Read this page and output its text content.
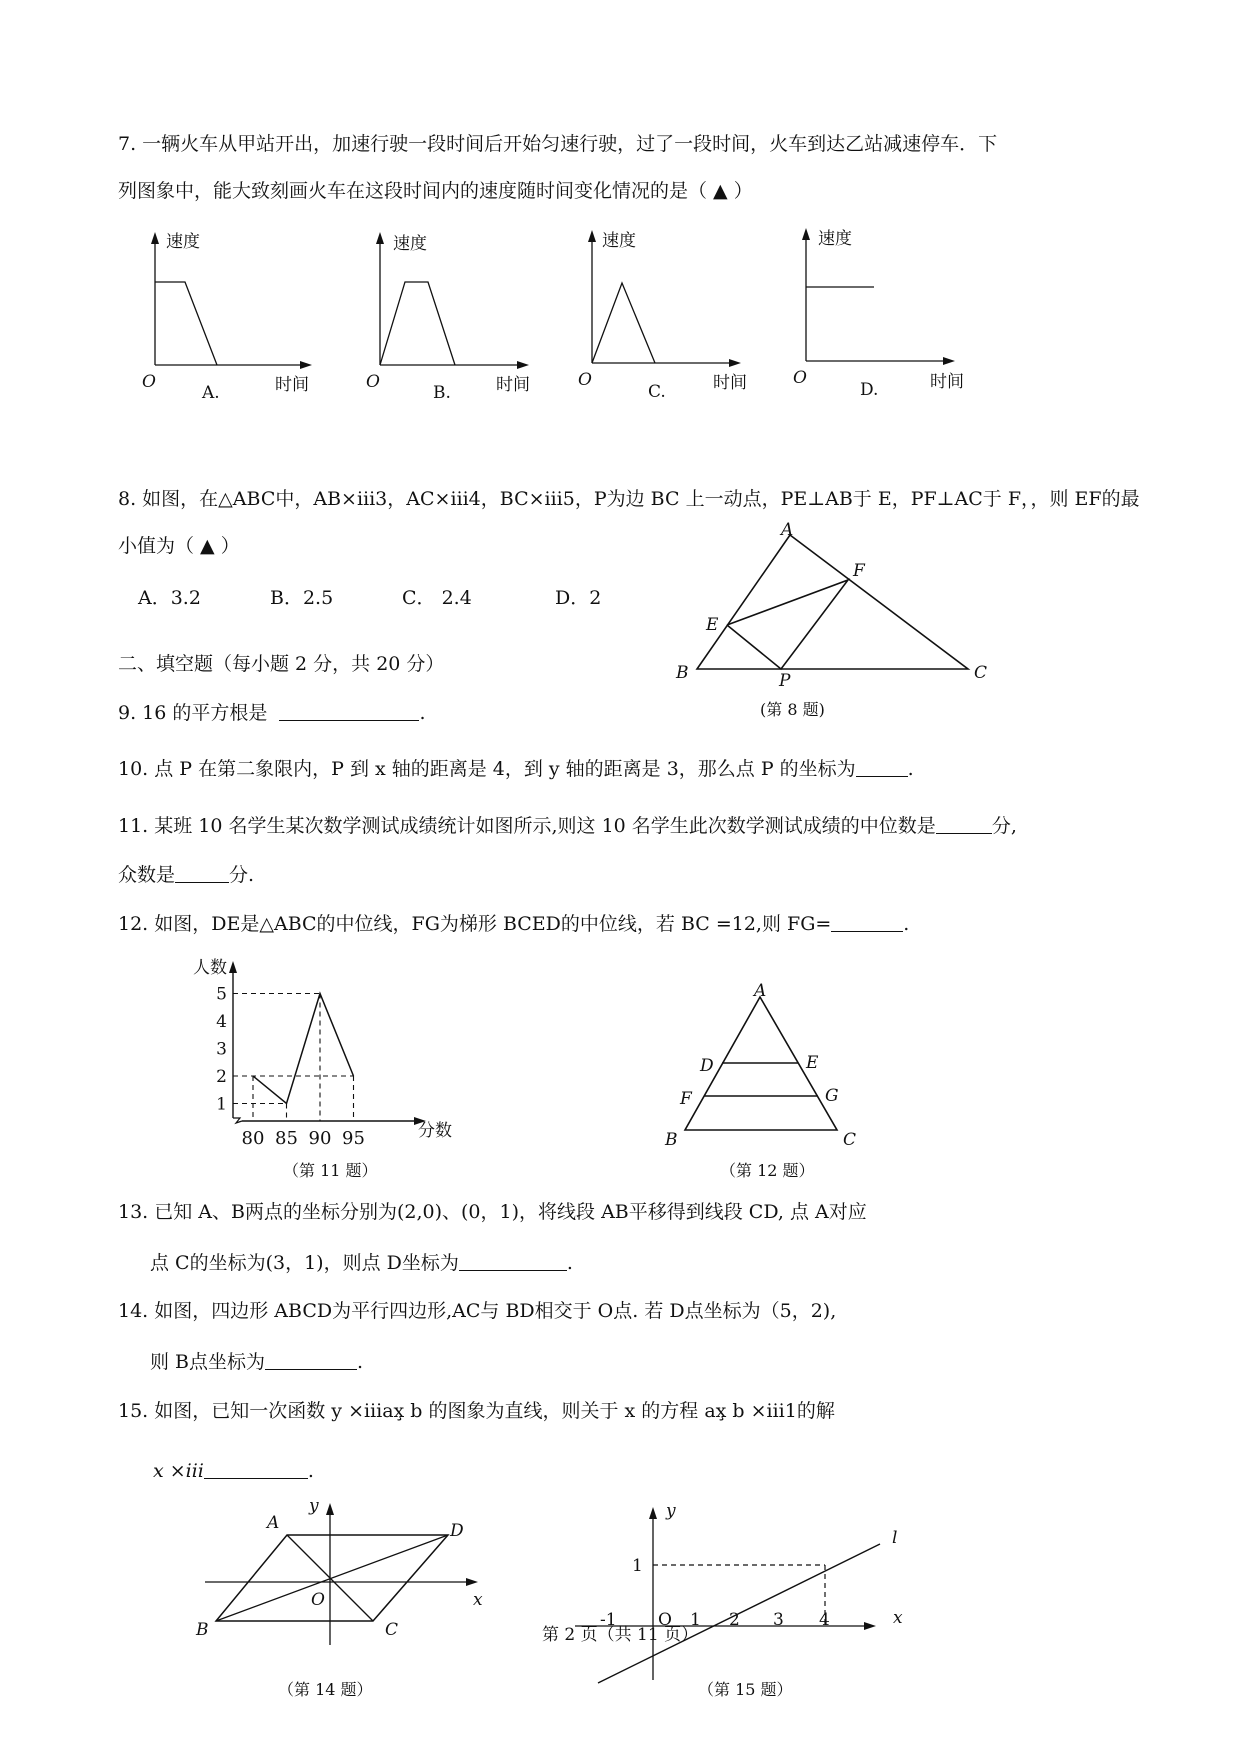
7. 一辆火车从甲站开出，加速行驶一段时间后开始匀速行驶，过了一段时间，火车到达乙站减速停车．下
列图象中，能大致刻画火车在这段时间内的速度随时间变化情况的是（ ▲ ）
速度
O
A.	时间
速度
O
B.	时间
速度
O
C.	时间
速度
O
D.	时间
8. 如图，在△ABC中，AB×ⅲ3，AC×ⅲ4，BC×ⅲ5，P为边 BC 上一动点，PE⊥AB于 E，PF⊥AC于 F，，则 EF的最
小值为（ ▲ ）
A．3.2	B．2.5	C． 2.4	D．2
A
F
E
B	P	C
(第 8 题)
二、填空题（每小题 2 分，共 20 分）
9. 16 的平方根是	.
10. 点 P 在第二象限内，P 到 x 轴的距离是 4，到 y 轴的距离是 3，那么点 P 的坐标为	.
11. 某班 10 名学生某次数学测试成绩统计如图所示,则这 10 名学生此次数学测试成绩的中位数是	分,
众数是	分.
12. 如图，DE是△ABC的中位线，FG为梯形 BCED的中位线，若 BC =12,则 FG=	.
1
2
3
4
5
80 85 90 95
人数
分数
（第 11 题）
A
D	E
F	G
B	C
（第 12 题）
13. 已知 A、B两点的坐标分别为(2,0)、(0，1)，将线段 AB平移得到线段 CD, 点 A对应
点 C的坐标为(3，1)，则点 D坐标为	.
14. 如图，四边形 ABCD为平行四边形,AC与 BD相交于 O点. 若 D点坐标为（5，2),
则 B点坐标为	.
15. 如图，已知一次函数 y ×ⅲax̧ b 的图象为直线，则关于 x 的方程 ax̧ b ×ⅲ1的解
x ×ⅲ	.
y
A	D
O	x
B	C
（第 14 题）
y
l
1
-1 O 1 2 3 4	x
（第 15 题）
第 2 页（共 11 页）
